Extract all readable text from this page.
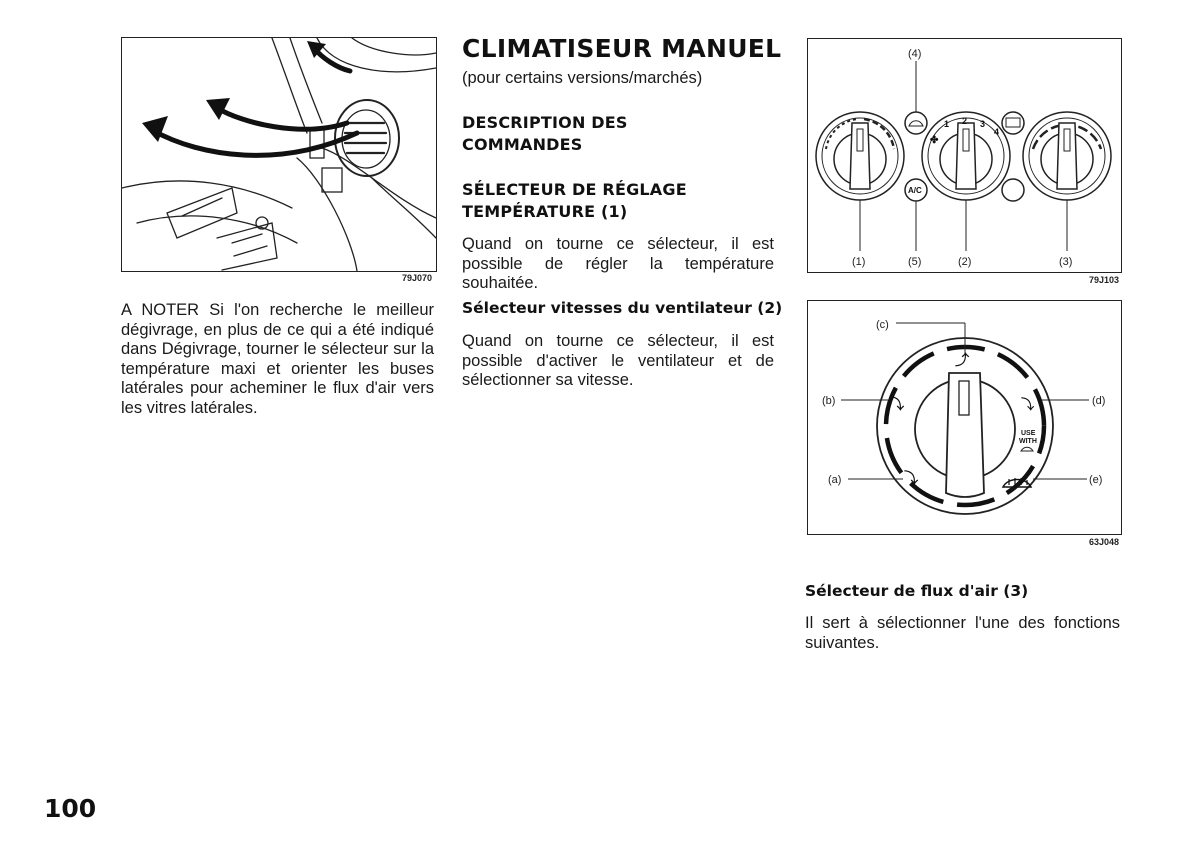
79J070

A NOTER Si l'on recherche le meilleur dégivrage, en plus de ce qui a été indiqué dans Dégivrage, tourner le sélecteur sur la température maxi et orienter les buses latérales pour acheminer le flux d'air vers les vitres latérales.

CLIMATISEUR MANUEL
(pour certains versions/marchés)
DESCRIPTION DES
COMMANDES
SÉLECTEUR DE RÉGLAGE
TEMPÉRATURE (1)

Quand on tourne ce sélecteur, il est possible de régler la température souhaitée.

Sélecteur vitesses du ventilateur (2)

Quand on tourne ce sélecteur, il est possible d'activer le ventilateur et de sélectionner sa vitesse.

1 2 3
4
✤
A/C
(4)
(1)	(5)	(2)	(3)
79J103
⤴
⤵
⤵
⤵
USE
WITH
(c)
(b)	(d)
(a)	(e)
63J048
Sélecteur de flux d'air (3)

Il sert à sélectionner l'une des fonctions suivantes.

100
